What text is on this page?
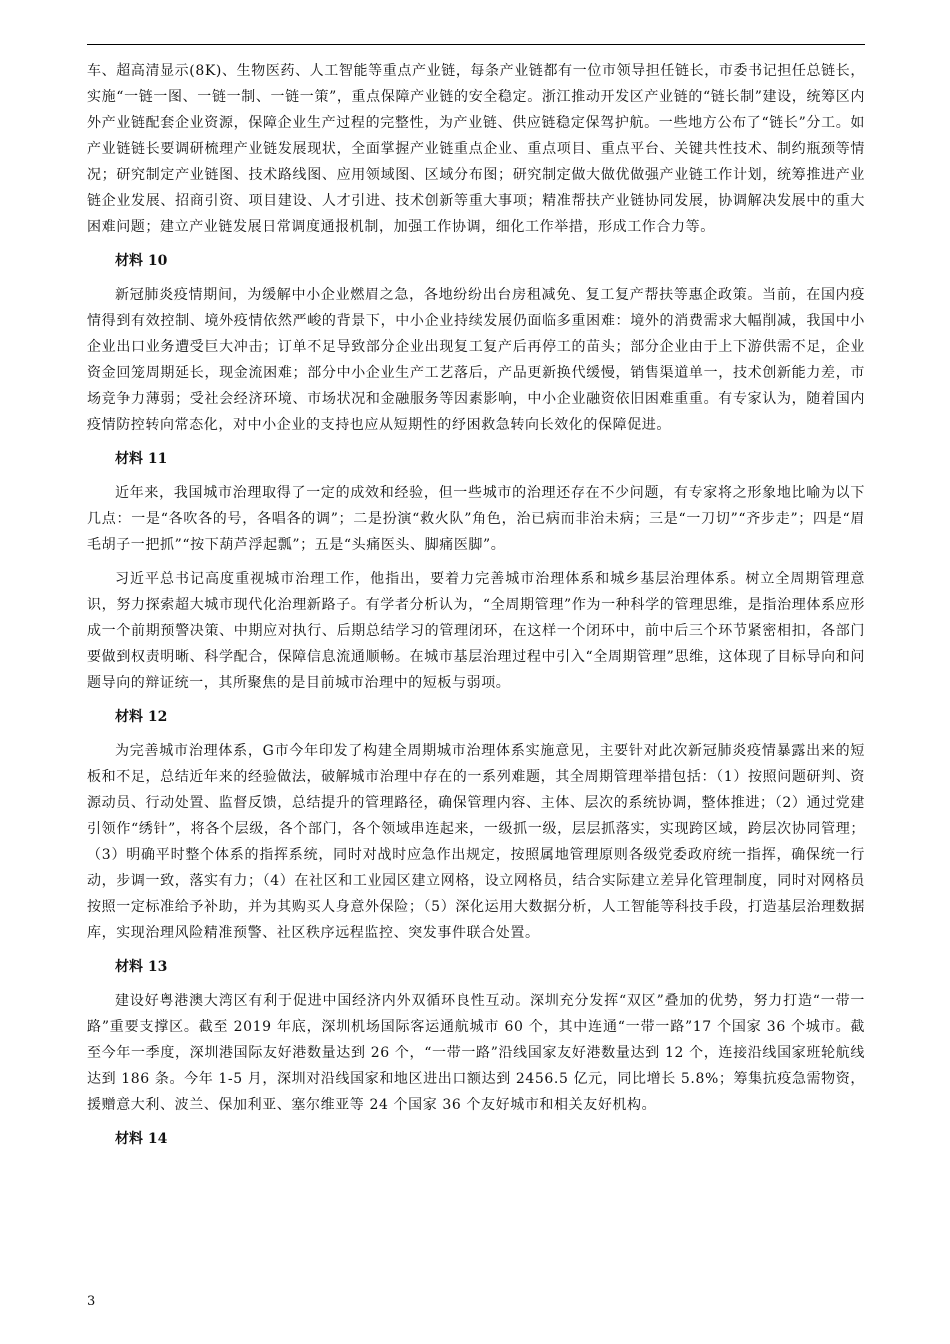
车、超高清显示(8K)、生物医药、人工智能等重点产业链，每条产业链都有一位市领导担任链长，市委书记担任总链长，实施“一链一图、一链一制、一链一策”，重点保障产业链的安全稳定。浙江推动开发区产业链的“链长制”建设，统筹区内外产业链配套企业资源，保障企业生产过程的完整性，为产业链、供应链稳定保驾护航。一些地方公布了“链长”分工。如产业链链长要调研梳理产业链发展现状，全面掌握产业链重点企业、重点项目、重点平台、关键共性技术、制约瓶颈等情况；研究制定产业链图、技术路线图、应用领域图、区域分布图；研究制定做大做优做强产业链工作计划，统筹推进产业链企业发展、招商引资、项目建设、人才引进、技术创新等重大事项；精准帮扶产业链协同发展，协调解决发展中的重大困难问题；建立产业链发展日常调度通报机制，加强工作协调，细化工作举措，形成工作合力等。

材料 10

新冠肺炎疫情期间，为缓解中小企业燃眉之急，各地纷纷出台房租减免、复工复产帮扶等惠企政策。当前，在国内疫情得到有效控制、境外疫情依然严峻的背景下，中小企业持续发展仍面临多重困难：境外的消费需求大幅削减，我国中小企业出口业务遭受巨大冲击；订单不足导致部分企业出现复工复产后再停工的苗头；部分企业由于上下游供需不足，企业资金回笼周期延长，现金流困难；部分中小企业生产工艺落后，产品更新换代缓慢，销售渠道单一，技术创新能力差，市场竞争力薄弱；受社会经济环境、市场状况和金融服务等因素影响，中小企业融资依旧困难重重。有专家认为，随着国内疫情防控转向常态化，对中小企业的支持也应从短期性的纾困救急转向长效化的保障促进。

材料 11

近年来，我国城市治理取得了一定的成效和经验，但一些城市的治理还存在不少问题，有专家将之形象地比喻为以下几点：一是“各吹各的号，各唱各的调”；二是扮演“救火队”角色，治已病而非治未病；三是“一刀切”“齐步走”；四是“眉毛胡子一把抓”“按下葫芦浮起瓢”；五是“头痛医头、脚痛医脚”。

习近平总书记高度重视城市治理工作，他指出，要着力完善城市治理体系和城乡基层治理体系。树立全周期管理意识，努力探索超大城市现代化治理新路子。有学者分析认为，“全周期管理”作为一种科学的管理思维，是指治理体系应形成一个前期预警决策、中期应对执行、后期总结学习的管理闭环，在这样一个闭环中，前中后三个环节紧密相扣，各部门要做到权责明晰、科学配合，保障信息流通顺畅。在城市基层治理过程中引入“全周期管理”思维，这体现了目标导向和问题导向的辩证统一，其所聚焦的是目前城市治理中的短板与弱项。

材料 12

为完善城市治理体系，G市今年印发了构建全周期城市治理体系实施意见，主要针对此次新冠肺炎疫情暴露出来的短板和不足，总结近年来的经验做法，破解城市治理中存在的一系列难题，其全周期管理举措包括：（1）按照问题研判、资源动员、行动处置、监督反馈，总结提升的管理路径，确保管理内容、主体、层次的系统协调，整体推进；（2）通过党建引领作“绣针”，将各个层级，各个部门，各个领域串连起来，一级抓一级，层层抓落实，实现跨区域，跨层次协同管理；（3）明确平时整个体系的指挥系统，同时对战时应急作出规定，按照属地管理原则各级党委政府统一指挥，确保统一行动，步调一致，落实有力；（4）在社区和工业园区建立网格，设立网格员，结合实际建立差异化管理制度，同时对网格员按照一定标准给予补助，并为其购买人身意外保险；（5）深化运用大数据分析，人工智能等科技手段，打造基层治理数据库，实现治理风险精准预警、社区秩序远程监控、突发事件联合处置。

材料 13

建设好粤港澳大湾区有利于促进中国经济内外双循环良性互动。深圳充分发挥“双区”叠加的优势，努力打造“一带一路”重要支撑区。截至 2019 年底，深圳机场国际客运通航城市 60 个，其中连通“一带一路”17 个国家 36 个城市。截至今年一季度，深圳港国际友好港数量达到 26 个，“一带一路”沿线国家友好港数量达到 12 个，连接沿线国家班轮航线达到 186 条。今年 1-5 月，深圳对沿线国家和地区进出口额达到 2456.5 亿元，同比增长 5.8%；筹集抗疫急需物资，援赠意大利、波兰、保加利亚、塞尔维亚等 24 个国家 36 个友好城市和相关友好机构。

材料 14
3
